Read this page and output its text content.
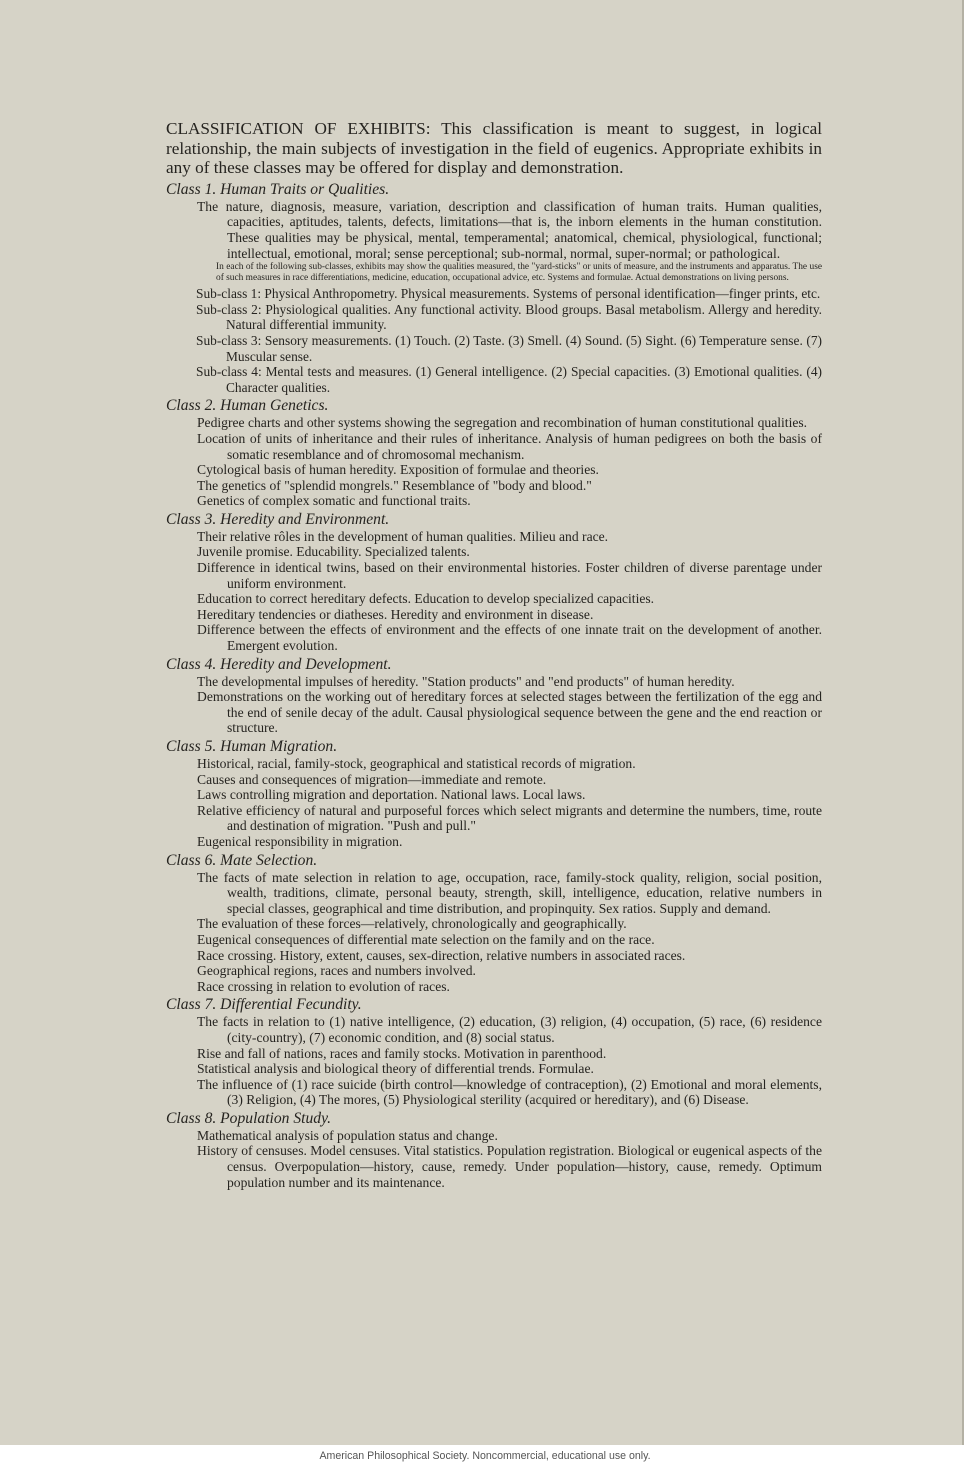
CLASSIFICATION OF EXHIBITS: This classification is meant to suggest, in logical relationship, the main subjects of investigation in the field of eugenics. Appropriate exhibits in any of these classes may be offered for display and demonstration.

Class 1. Human Traits or Qualities.
The nature, diagnosis, measure, variation, description and classification of human traits. Human qualities, capacities, aptitudes, talents, defects, limitations—that is, the inborn elements in the human constitution. These qualities may be physical, mental, temperamental; anatomical, chemical, physiological, functional; intellectual, emotional, moral; sense perceptional; sub-normal, normal, super-normal; or pathological.
In each of the following sub-classes, exhibits may show the qualities measured, the "yard-sticks" or units of measure, and the instruments and apparatus. The use of such measures in race differentiations, medicine, education, occupational advice, etc. Systems and formulae. Actual demonstrations on living persons.
Sub-class 1: Physical Anthropometry. Physical measurements. Systems of personal identification—finger prints, etc.
Sub-class 2: Physiological qualities. Any functional activity. Blood groups. Basal metabolism. Allergy and heredity. Natural differential immunity.
Sub-class 3: Sensory measurements. (1) Touch. (2) Taste. (3) Smell. (4) Sound. (5) Sight. (6) Temperature sense. (7) Muscular sense.
Sub-class 4: Mental tests and measures. (1) General intelligence. (2) Special capacities. (3) Emotional qualities. (4) Character qualities.
Class 2. Human Genetics.
Pedigree charts and other systems showing the segregation and recombination of human constitutional qualities.
Location of units of inheritance and their rules of inheritance. Analysis of human pedigrees on both the basis of somatic resemblance and of chromosomal mechanism.
Cytological basis of human heredity. Exposition of formulae and theories.
The genetics of "splendid mongrels." Resemblance of "body and blood."
Genetics of complex somatic and functional traits.
Class 3. Heredity and Environment.
Their relative rôles in the development of human qualities. Milieu and race.
Juvenile promise. Educability. Specialized talents.
Difference in identical twins, based on their environmental histories. Foster children of diverse parentage under uniform environment.
Education to correct hereditary defects. Education to develop specialized capacities.
Hereditary tendencies or diatheses. Heredity and environment in disease.
Difference between the effects of environment and the effects of one innate trait on the development of another. Emergent evolution.
Class 4. Heredity and Development.
The developmental impulses of heredity. "Station products" and "end products" of human heredity.
Demonstrations on the working out of hereditary forces at selected stages between the fertilization of the egg and the end of senile decay of the adult. Causal physiological sequence between the gene and the end reaction or structure.
Class 5. Human Migration.
Historical, racial, family-stock, geographical and statistical records of migration.
Causes and consequences of migration—immediate and remote.
Laws controlling migration and deportation. National laws. Local laws.
Relative efficiency of natural and purposeful forces which select migrants and determine the numbers, time, route and destination of migration. "Push and pull."
Eugenical responsibility in migration.
Class 6. Mate Selection.
The facts of mate selection in relation to age, occupation, race, family-stock quality, religion, social position, wealth, traditions, climate, personal beauty, strength, skill, intelligence, education, relative numbers in special classes, geographical and time distribution, and propinquity. Sex ratios. Supply and demand.
The evaluation of these forces—relatively, chronologically and geographically.
Eugenical consequences of differential mate selection on the family and on the race.
Race crossing. History, extent, causes, sex-direction, relative numbers in associated races.
Geographical regions, races and numbers involved.
Race crossing in relation to evolution of races.
Class 7. Differential Fecundity.
The facts in relation to (1) native intelligence, (2) education, (3) religion, (4) occupation, (5) race, (6) residence (city-country), (7) economic condition, and (8) social status.
Rise and fall of nations, races and family stocks. Motivation in parenthood.
Statistical analysis and biological theory of differential trends. Formulae.
The influence of (1) race suicide (birth control—knowledge of contraception), (2) Emotional and moral elements, (3) Religion, (4) The mores, (5) Physiological sterility (acquired or hereditary), and (6) Disease.
Class 8. Population Study.
Mathematical analysis of population status and change.
History of censuses. Model censuses. Vital statistics. Population registration. Biological or eugenical aspects of the census. Overpopulation—history, cause, remedy. Under population—history, cause, remedy. Optimum population number and its maintenance.
American Philosophical Society. Noncommercial, educational use only.
